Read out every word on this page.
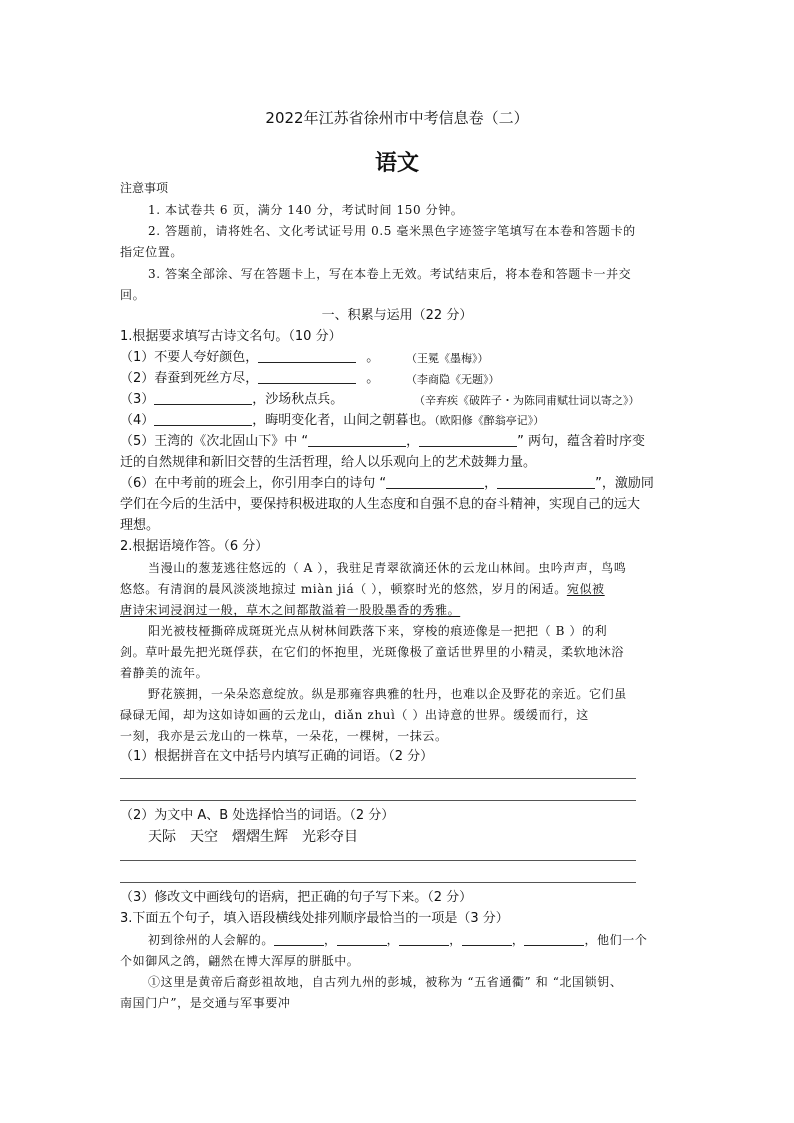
2022年江苏省徐州市中考信息卷（二）
语文
注意事项
1. 本试卷共 6 页，满分 140 分，考试时间 150 分钟。
2. 答题前，请将姓名、文化考试证号用 0.5 毫米黑色字迹签字笔填写在本卷和答题卡的
指定位置。
3. 答案全部涂、写在答题卡上，写在本卷上无效。考试结束后，将本卷和答题卡一并交
回。
一、积累与运用（22 分）
1.根据要求填写古诗文名句。（10 分）
（1）不要人夸好颜色，	。 （王冕《墨梅》）
（2）春蚕到死丝方尽，	。 （李商隐《无题》）
（3）	，沙场秋点兵。	（辛弃疾《破阵子・为陈同甫赋壮词以寄之》）
（4）	，晦明变化者，山间之朝暮也。（欧阳修《醉翁亭记》）
（5）王湾的《次北固山下》中 “	，	” 两句，蕴含着时序变
迁的自然规律和新旧交替的生活哲理，给人以乐观向上的艺术鼓舞力量。
（6）在中考前的班会上，你引用李白的诗句 “	，	”，激励同
学们在今后的生活中，要保持积极进取的人生态度和自强不息的奋斗精神，实现自己的远大
理想。
2.根据语境作答。（6 分）
当漫山的葱茏逃往悠远的（ A ），我驻足青翠欲滴还休的云龙山林间。虫吟声声，鸟鸣
悠悠。有清润的晨风淡淡地掠过 miàn jiá（ ），顿察时光的悠然，岁月的闲适。宛似被
唐诗宋词浸润过一般，草木之间都散溢着一股股墨香的秀雅。
阳光被枝桠撕碎成斑斑光点从树林间跌落下来，穿梭的痕迹像是一把把（ B ）的利
剑。草叶最先把光斑俘获，在它们的怀抱里，光斑像极了童话世界里的小精灵，柔软地沐浴
着静美的流年。
野花簇拥，一朵朵恣意绽放。纵是那雍容典雅的牡丹，也难以企及野花的亲近。它们虽
碌碌无闻，却为这如诗如画的云龙山，diǎn zhuì（ ）出诗意的世界。缓缓而行，这
一刻，我亦是云龙山的一株草，一朵花，一棵树，一抹云。
（1）根据拼音在文中括号内填写正确的词语。（2 分）
（2）为文中 A、B 处选择恰当的词语。（2 分）
天际 天空 熠熠生辉 光彩夺目
（3）修改文中画线句的语病，把正确的句子写下来。（2 分）
3.下面五个句子，填入语段横线处排列顺序最恰当的一项是（3 分）
初到徐州的人会解的。	，	，	，	，	，他们一个
个如御风之鸽，翩然在博大浑厚的胼胝中。
①这里是黄帝后裔彭祖故地，自古列九州的彭城，被称为 “五省通衢” 和 “北国锁钥、
南国门户”，是交通与军事要冲
